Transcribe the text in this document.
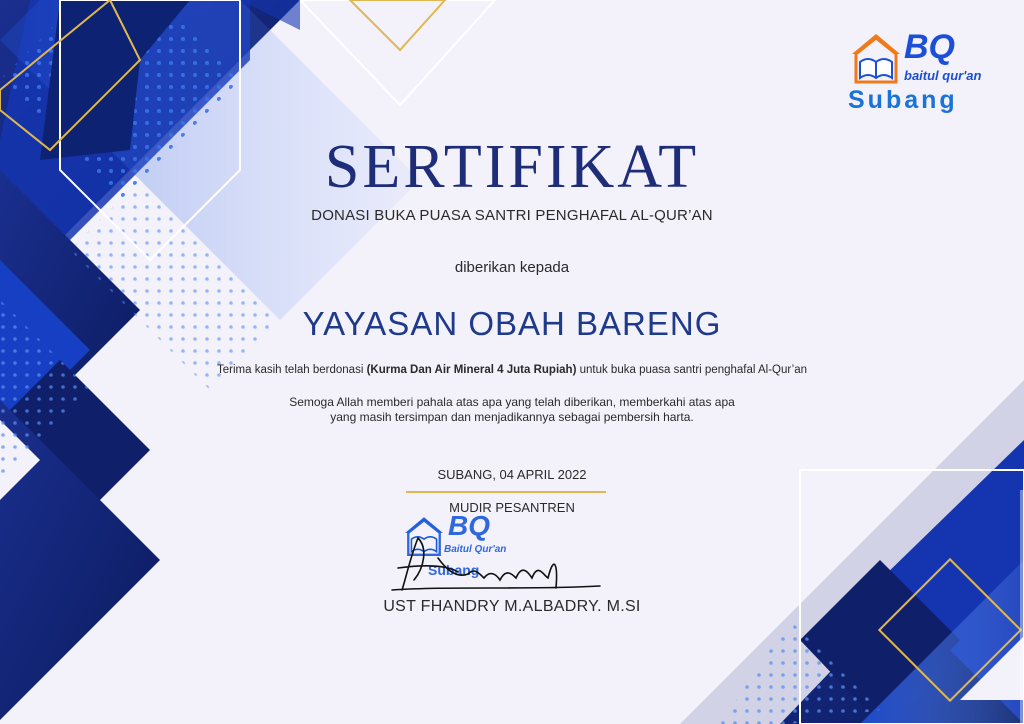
BQ
baitul qur'an
Subang
SERTIFIKAT
DONASI BUKA PUASA SANTRI PENGHAFAL AL-QUR’AN
diberikan kepada
YAYASAN OBAH BARENG
Terima kasih telah berdonasi (Kurma Dan Air Mineral 4 Juta Rupiah) untuk buka puasa santri penghafal Al-Qur’an
Semoga Allah memberi pahala atas apa yang telah diberikan, memberkahi atas apa
yang masih tersimpan dan menjadikannya sebagai pembersih harta.
SUBANG, 04 APRIL 2022
MUDIR PESANTREN
BQ
Baitul Qur'an
Subang
UST FHANDRY M.ALBADRY. M.SI
